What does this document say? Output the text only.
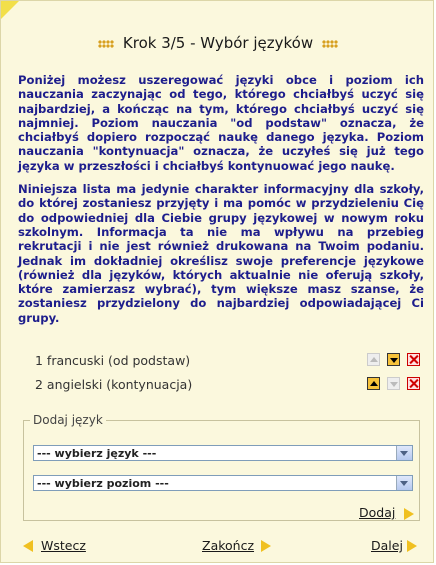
Krok 3/5 - Wybór języków

Poniżej możesz uszeregować języki obce i poziom ich nauczania zaczynając od tego, którego chciałbyś uczyć się najbardziej, a kończąc na tym, którego chciałbyś uczyć się najmniej. Poziom nauczania "od podstaw" oznacza, że chciałbyś dopiero rozpocząć naukę danego języka. Poziom nauczania "kontynuacja" oznacza, że uczyłeś się już tego języka w przeszłości i chciałbyś kontynuować jego naukę.

Niniejsza lista ma jedynie charakter informacyjny dla szkoły, do której zostaniesz przyjęty i ma pomóc w przydzieleniu Cię do odpowiedniej dla Ciebie grupy językowej w nowym roku szkolnym. Informacja ta nie ma wpływu na przebieg rekrutacji i nie jest również drukowana na Twoim podaniu. Jednak im dokładniej określisz swoje preferencje językowe (również dla języków, których aktualnie nie oferują szkoły, które zamierzasz wybrać), tym większe masz szanse, że zostaniesz przydzielony do najbardziej odpowiadającej Ci grupy.

1 francuski (od podstaw)
2 angielski (kontynuacja)
Dodaj język
--- wybierz język ---
--- wybierz poziom ---
Dodaj
Wstecz	Zakończ	Dalej
